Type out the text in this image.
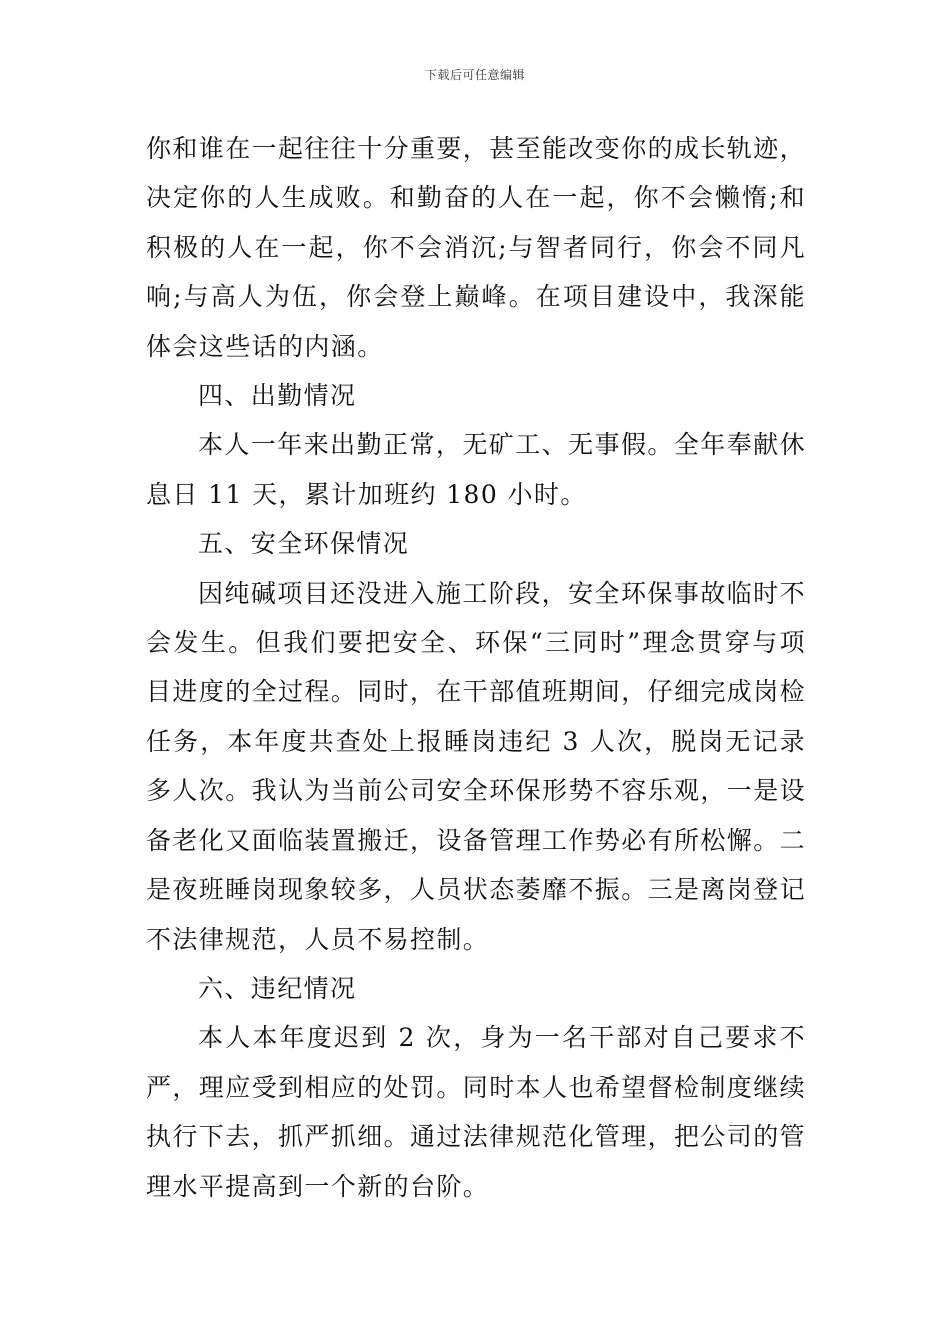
下载后可任意编辑

你和谁在一起往往十分重要，甚至能改变你的成长轨迹，决定你的人生成败。和勤奋的人在一起，你不会懒惰;和积极的人在一起，你不会消沉;与智者同行，你会不同凡响;与高人为伍，你会登上巅峰。在项目建设中，我深能体会这些话的内涵。

四、出勤情况

本人一年来出勤正常，无矿工、无事假。全年奉献休息日 11 天，累计加班约 180 小时。

五、安全环保情况

因纯碱项目还没进入施工阶段，安全环保事故临时不会发生。但我们要把安全、环保“三同时”理念贯穿与项目进度的全过程。同时，在干部值班期间，仔细完成岗检任务，本年度共查处上报睡岗违纪 3 人次，脱岗无记录多人次。我认为当前公司安全环保形势不容乐观，一是设备老化又面临装置搬迁，设备管理工作势必有所松懈。二是夜班睡岗现象较多，人员状态萎靡不振。三是离岗登记不法律规范，人员不易控制。

六、违纪情况

本人本年度迟到 2 次，身为一名干部对自己要求不严，理应受到相应的处罚。同时本人也希望督检制度继续执行下去，抓严抓细。通过法律规范化管理，把公司的管理水平提高到一个新的台阶。
